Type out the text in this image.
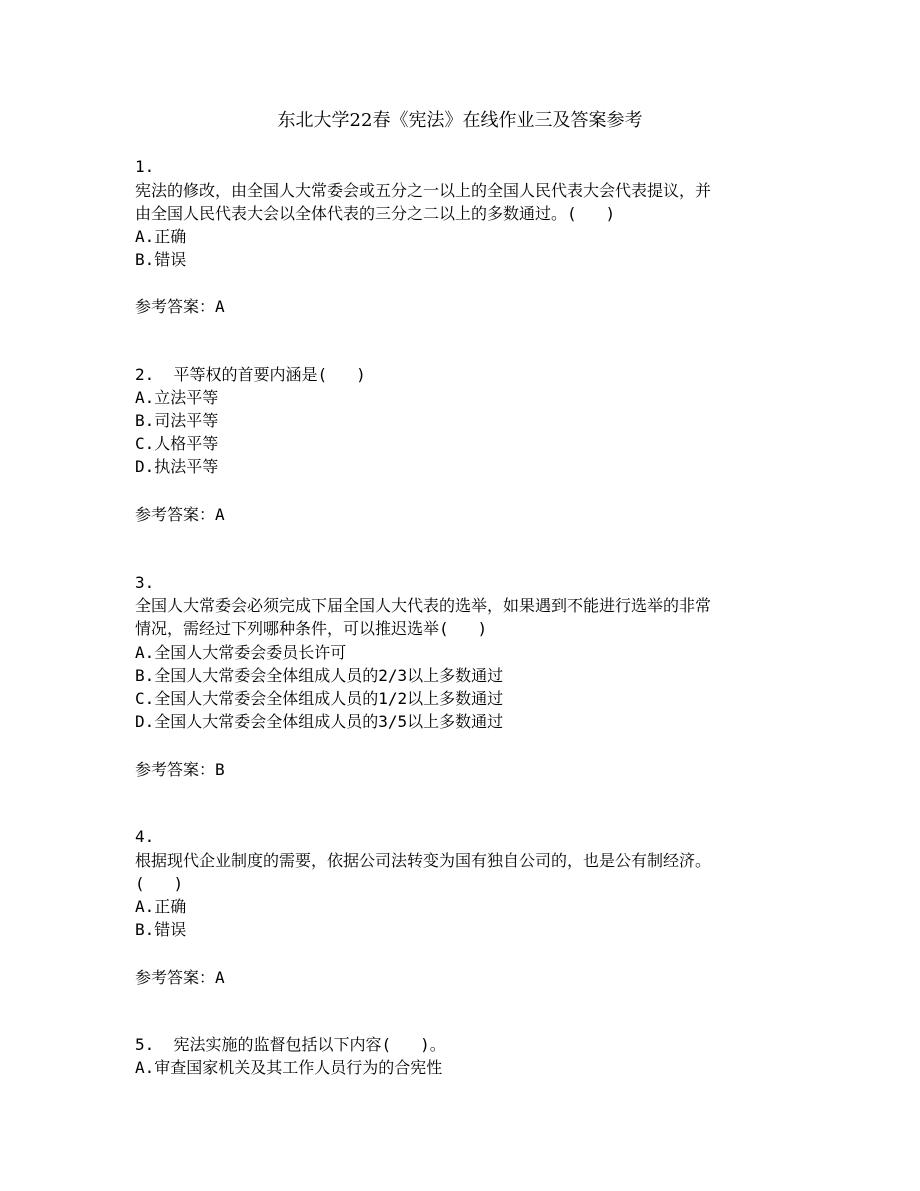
东北大学22春《宪法》在线作业三及答案参考
1.
宪法的修改，由全国人大常委会或五分之一以上的全国人民代表大会代表提议，并
由全国人民代表大会以全体代表的三分之二以上的多数通过。(   )
A.正确
B.错误
参考答案：A
2.  平等权的首要内涵是(   )
A.立法平等
B.司法平等
C.人格平等
D.执法平等
参考答案：A
3.
全国人大常委会必须完成下届全国人大代表的选举，如果遇到不能进行选举的非常
情况，需经过下列哪种条件，可以推迟选举(   )
A.全国人大常委会委员长许可
B.全国人大常委会全体组成人员的2/3以上多数通过
C.全国人大常委会全体组成人员的1/2以上多数通过
D.全国人大常委会全体组成人员的3/5以上多数通过
参考答案：B
4.
根据现代企业制度的需要，依据公司法转变为国有独自公司的，也是公有制经济。
(   )
A.正确
B.错误
参考答案：A
5.  宪法实施的监督包括以下内容(   )。
A.审查国家机关及其工作人员行为的合宪性
